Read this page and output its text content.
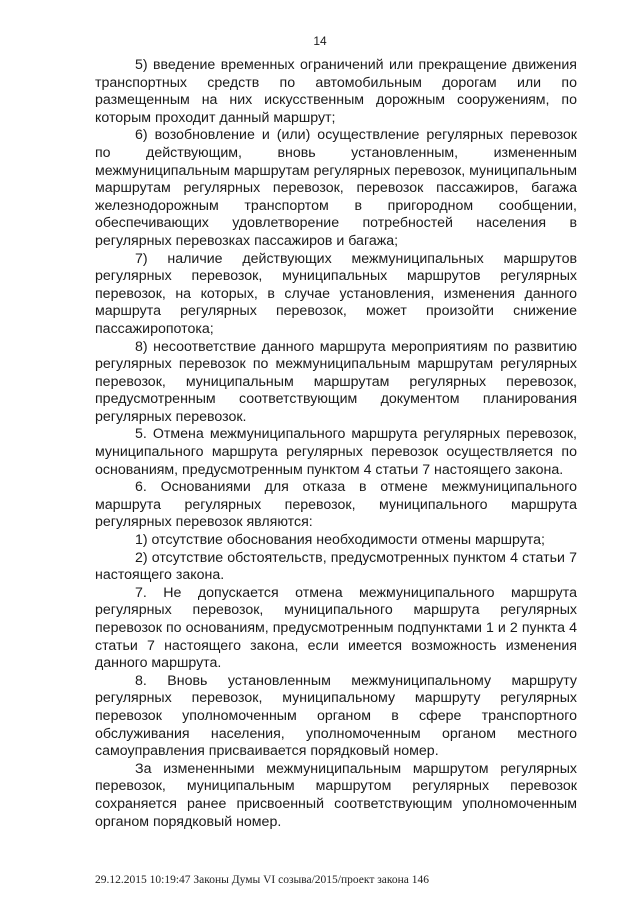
14

5) введение временных ограничений или прекращение движения транспортных средств по автомобильным дорогам или по размещенным на них искусственным дорожным сооружениям, по которым проходит данный маршрут;

6) возобновление и (или) осуществление регулярных перевозок по действующим, вновь установленным, измененным межмуниципальным маршрутам регулярных перевозок, муниципальным маршрутам регулярных перевозок, перевозок пассажиров, багажа железнодорожным транспортом в пригородном сообщении, обеспечивающих удовлетворение потребностей населения в регулярных перевозках пассажиров и багажа;

7) наличие действующих межмуниципальных маршрутов регулярных перевозок, муниципальных маршрутов регулярных перевозок, на которых, в случае установления, изменения данного маршрута регулярных перевозок, может произойти снижение пассажиропотока;

8) несоответствие данного маршрута мероприятиям по развитию регулярных перевозок по межмуниципальным маршрутам регулярных перевозок, муниципальным маршрутам регулярных перевозок, предусмотренным соответствующим документом планирования регулярных перевозок.

5. Отмена межмуниципального маршрута регулярных перевозок, муниципального маршрута регулярных перевозок осуществляется по основаниям, предусмотренным пунктом 4 статьи 7 настоящего закона.

6. Основаниями для отказа в отмене межмуниципального маршрута регулярных перевозок, муниципального маршрута регулярных перевозок являются:

1) отсутствие обоснования необходимости отмены маршрута;

2) отсутствие обстоятельств, предусмотренных пунктом 4 статьи 7 настоящего закона.

7. Не допускается отмена межмуниципального маршрута регулярных перевозок, муниципального маршрута регулярных перевозок по основаниям, предусмотренным подпунктами 1 и 2 пункта 4 статьи 7 настоящего закона, если имеется возможность изменения данного маршрута.

8. Вновь установленным межмуниципальному маршруту регулярных перевозок, муниципальному маршруту регулярных перевозок уполномоченным органом в сфере транспортного обслуживания населения, уполномоченным органом местного самоуправления присваивается порядковый номер.

За измененными межмуниципальным маршрутом регулярных перевозок, муниципальным маршрутом регулярных перевозок сохраняется ранее присвоенный соответствующим уполномоченным органом порядковый номер.

29.12.2015 10:19:47 Законы Думы VI созыва/2015/проект закона 146
